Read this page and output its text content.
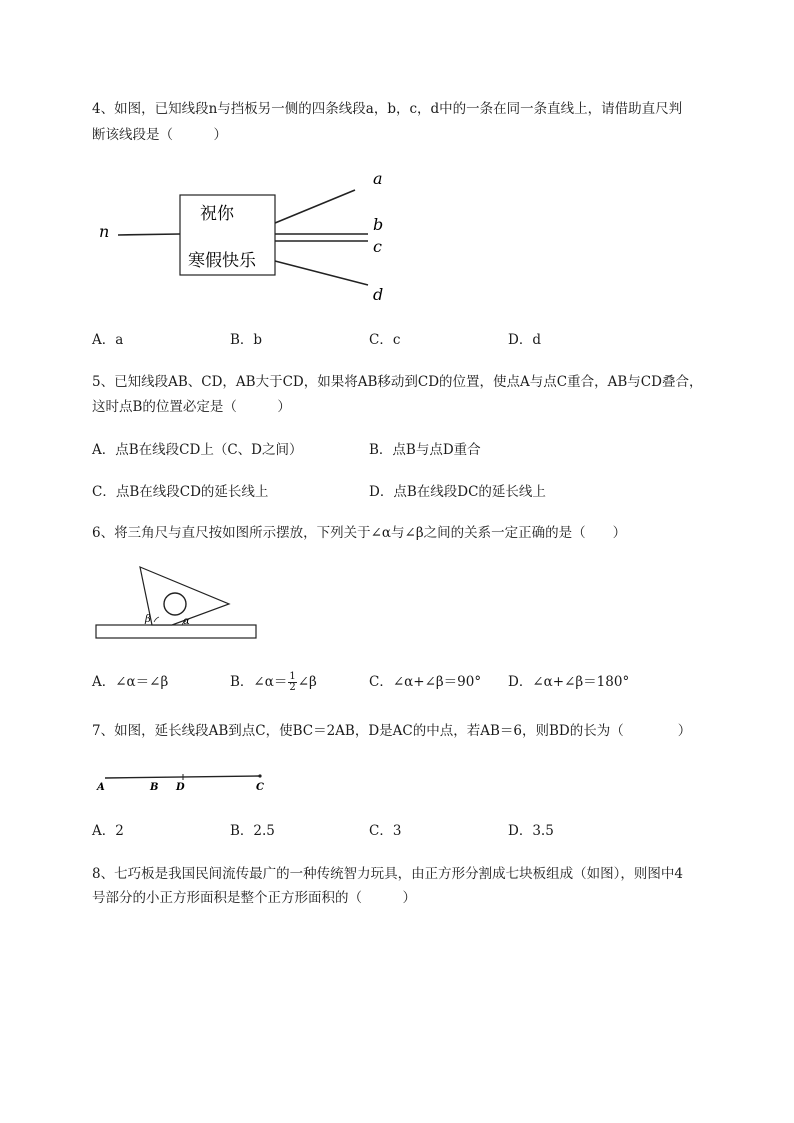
4、如图，已知线段n与挡板另一侧的四条线段a，b，c，d中的一条在同一条直线上，请借助直尺判
断该线段是（　　　）
祝你
寒假快乐
n
a
b
c
d
A．a	B．b	C．c	D．d
5、已知线段AB、CD，AB大于CD，如果将AB移动到CD的位置，使点A与点C重合，AB与CD叠合，
这时点B的位置必定是（　　　）
A．点B在线段CD上（C、D之间）	B．点B与点D重合
C．点B在线段CD的延长线上	D．点B在线段DC的延长线上
6、将三角尺与直尺按如图所示摆放，下列关于∠α与∠β之间的关系一定正确的是（　　）
β	α
A．∠α＝∠β	B．∠α＝ $\frac{1}{2}$ ∠β	C．∠α+∠β＝90° D．∠α+∠β＝180°
7、如图，延长线段AB到点C，使BC＝2AB，D是AC的中点，若AB＝6，则BD的长为（　　　　）
A	B D	C
A．2	B．2.5	C．3	D．3.5
8、七巧板是我国民间流传最广的一种传统智力玩具，由正方形分割成七块板组成（如图），则图中4
号部分的小正方形面积是整个正方形面积的（　　　）
